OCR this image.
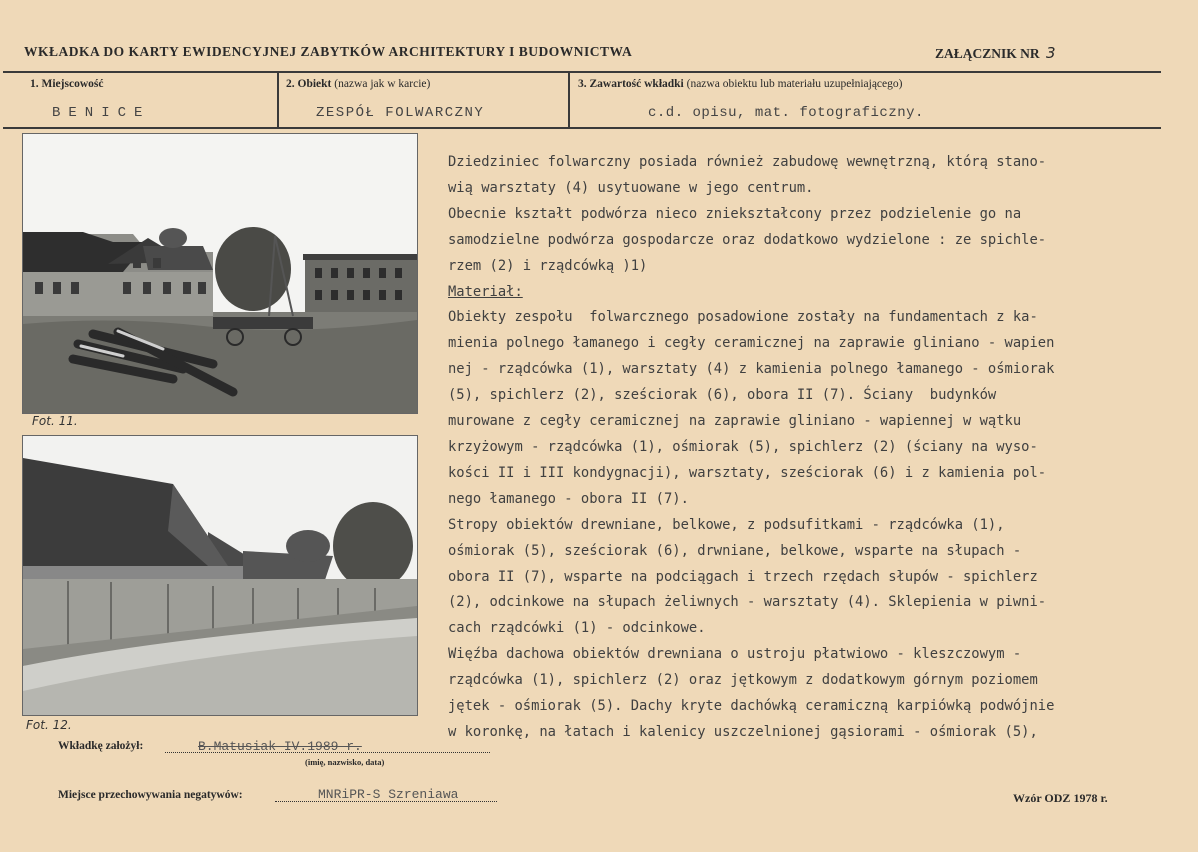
WKŁADKA DO KARTY EWIDENCYJNEJ ZABYTKÓW ARCHITEKTURY I BUDOWNICTWA	ZAŁĄCZNIK NR 3
1. Miejscowość
BENICE
2. Obiekt (nazwa jak w karcie)
ZESPÓŁ FOLWARCZNY
3. Zawartość wkładki (nazwa obiektu lub materiału uzupełniającego)
c.d. opisu, mat. fotograficzny.
Fot. 11.
Fot. 12.
Dziedziniec folwarczny posiada również zabudowę wewnętrzną, którą stano-
wią warsztaty (4) usytuowane w jego centrum.
Obecnie kształt podwórza nieco zniekształcony przez podzielenie go na
samodzielne podwórza gospodarcze oraz dodatkowo wydzielone : ze spichle-
rzem (2) i rządcówką )1)
Materiał:
Obiekty zespołu  folwarcznego posadowione zostały na fundamentach z ka-
mienia polnego łamanego i cegły ceramicznej na zaprawie gliniano - wapien
nej - rządcówka (1), warsztaty (4) z kamienia polnego łamanego - ośmiorak
(5), spichlerz (2), sześciorak (6), obora II (7). Ściany  budynków
murowane z cegły ceramicznej na zaprawie gliniano - wapiennej w wątku
krzyżowym - rządcówka (1), ośmiorak (5), spichlerz (2) (ściany na wyso-
kości II i III kondygnacji), warsztaty, sześciorak (6) i z kamienia pol-
nego łamanego - obora II (7).
Stropy obiektów drewniane, belkowe, z podsufitkami - rządcówka (1),
ośmiorak (5), sześciorak (6), drwniane, belkowe, wsparte na słupach -
obora II (7), wsparte na podciągach i trzech rzędach słupów - spichlerz
(2), odcinkowe na słupach żeliwnych - warsztaty (4). Sklepienia w piwni-
cach rządcówki (1) - odcinkowe.
Więźba dachowa obiektów drewniana o ustroju płatwiowo - kleszczowym -
rządcówka (1), spichlerz (2) oraz jętkowym z dodatkowym górnym poziomem
jętek - ośmiorak (5). Dachy kryte dachówką ceramiczną karpiówką podwójnie
w koronkę, na łatach i kalenicy uszczelnionej gąsiorami - ośmiorak (5),
Wkładkę założył:	B.Matusiak IV.1989 r.
(imię, nazwisko, data)
Miejsce przechowywania negatywów:	MNRiPR-S Szreniawa	Wzór ODZ 1978 r.
